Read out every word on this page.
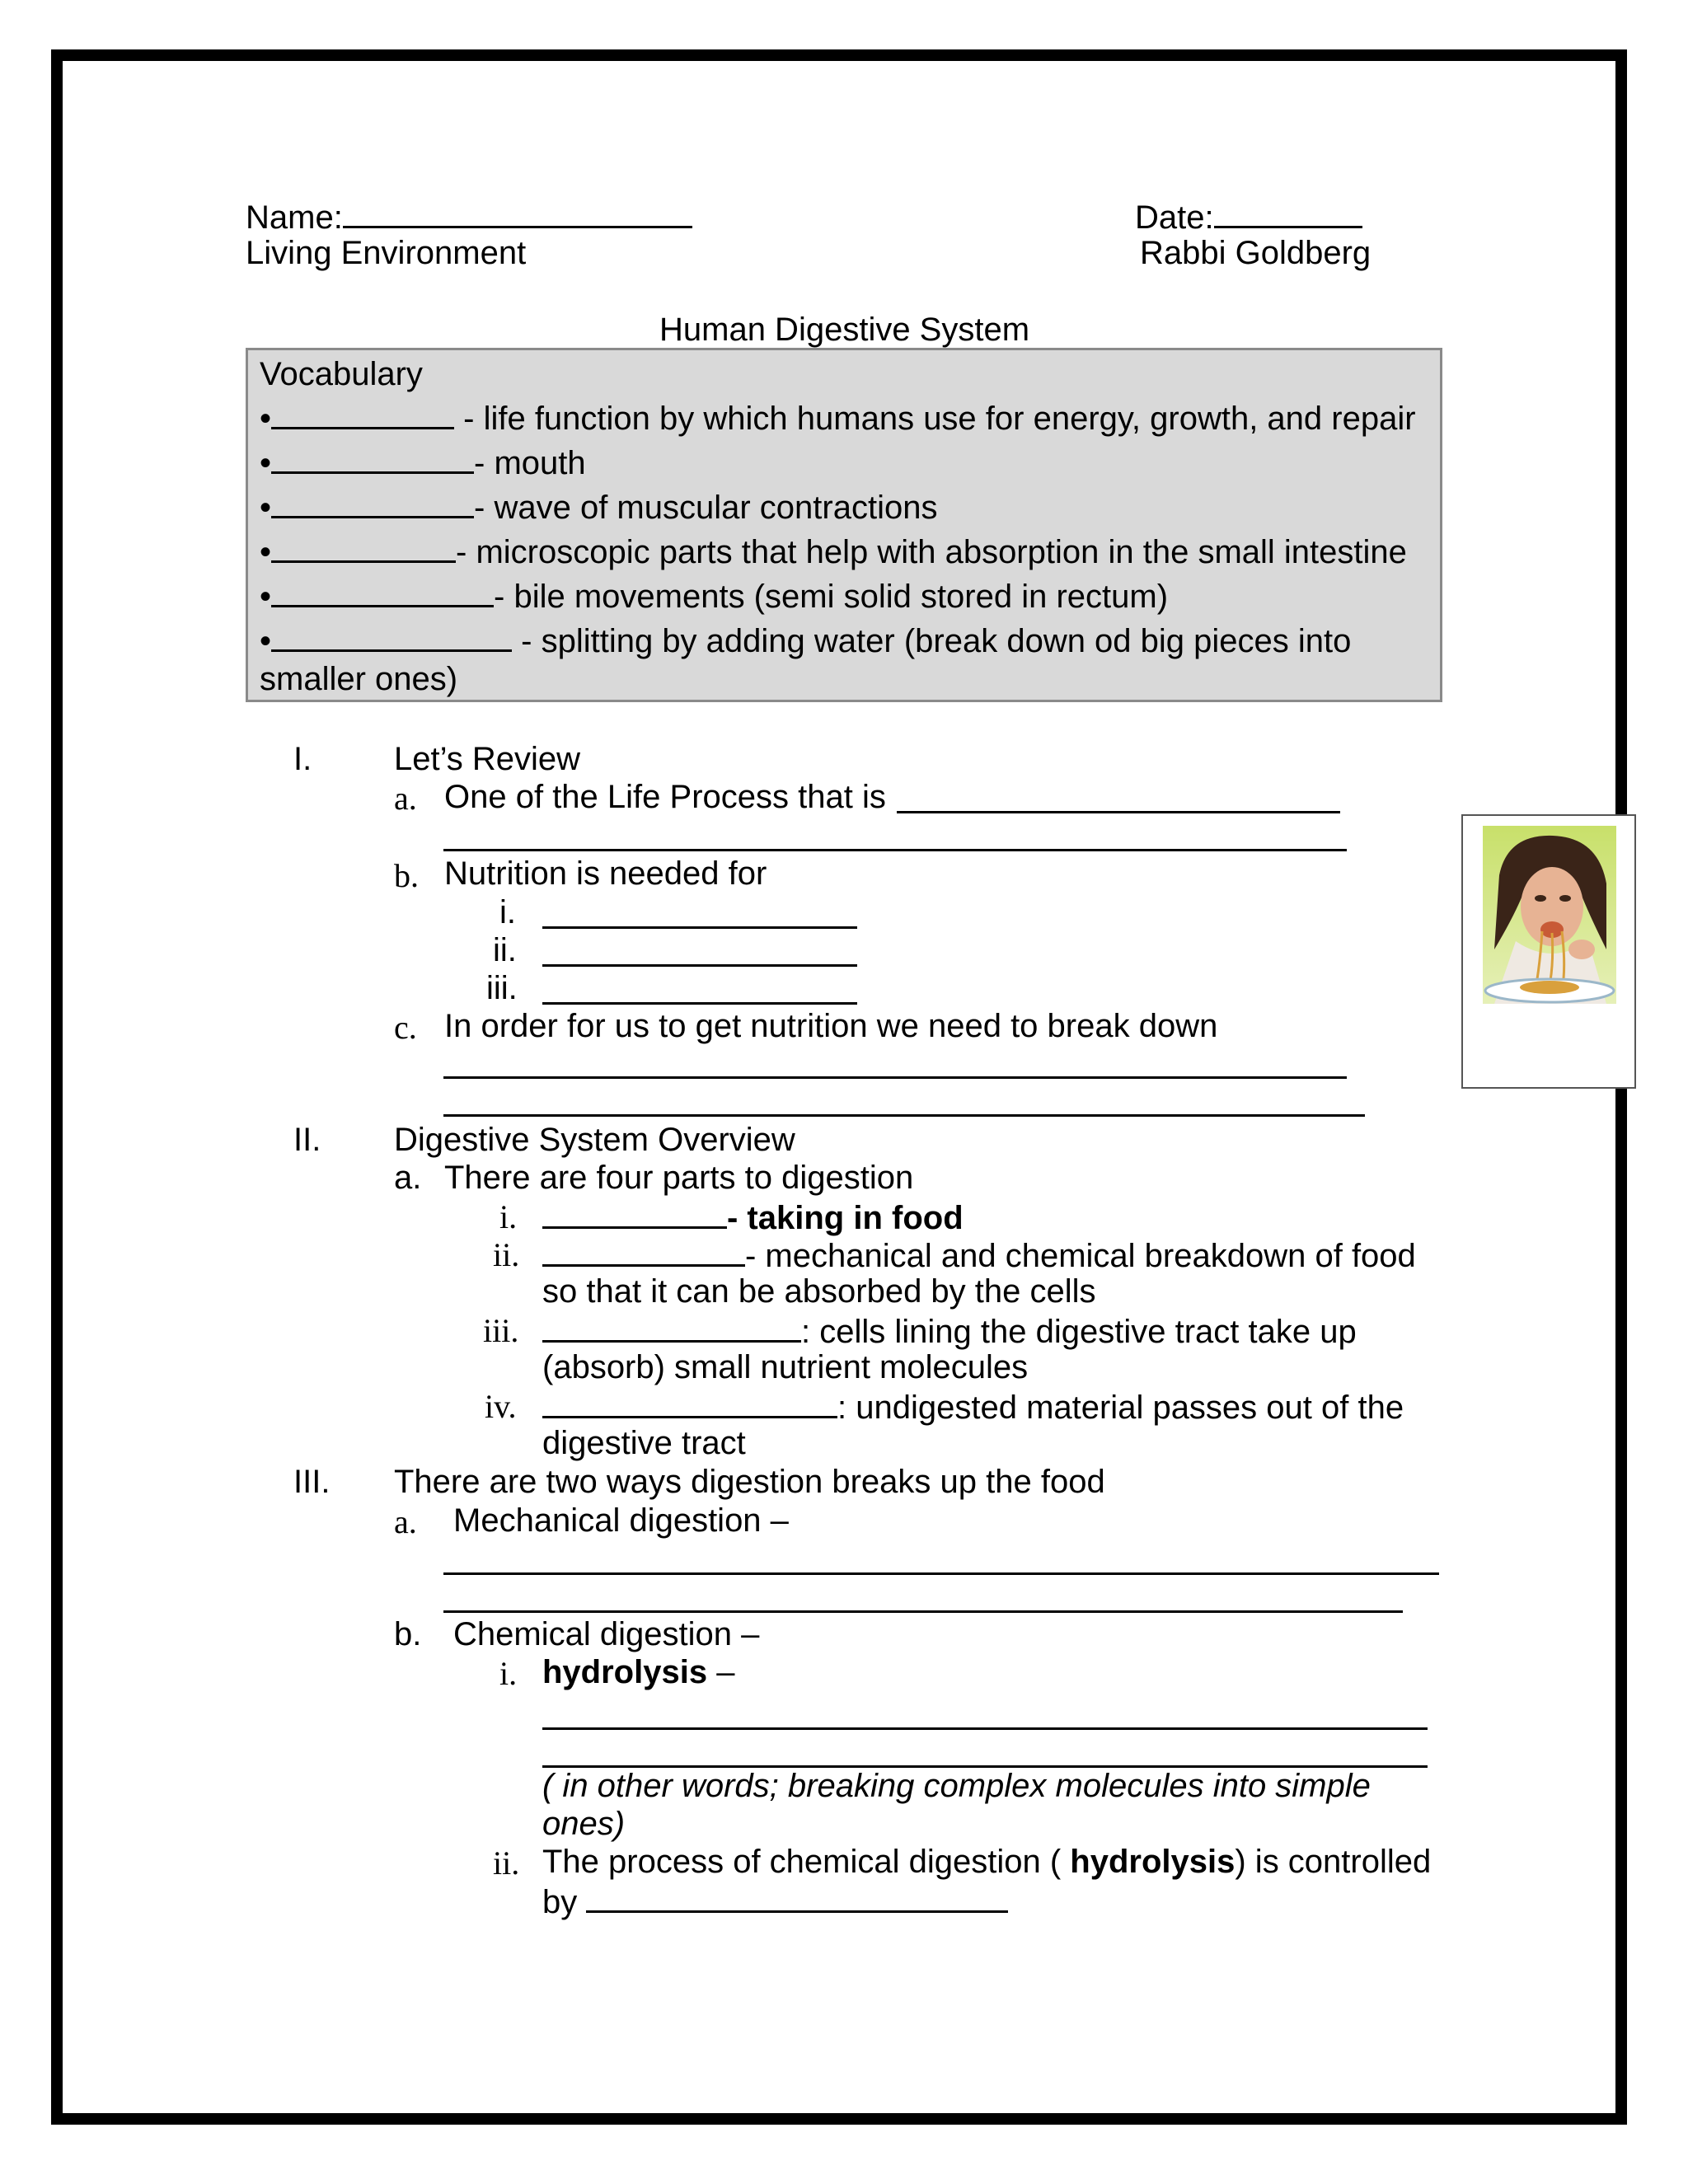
Name:	Date:
Living Environment	Rabbi Goldberg
Human Digestive System
Vocabulary
•	- life function by which humans use for energy, growth, and repair
•	- mouth
•	- wave of muscular contractions
•	- microscopic parts that help with absorption in the small intestine
•	- bile movements (semi solid stored in rectum)
•	- splitting by adding water (break down od big pieces into
smaller ones)
I. Let’s Review
a. One of the Life Process that is
b. Nutrition is needed for
i.
ii.
iii.
c. In order for us to get nutrition we need to break down
II. Digestive System Overview
a. There are four parts to digestion
i.	- taking in food
ii.	- mechanical and chemical breakdown of food
so that it can be absorbed by the cells
iii.	: cells lining the digestive tract take up
(absorb) small nutrient molecules
iv.	: undigested material passes out of the
digestive tract
III. There are two ways digestion breaks up the food
a. Mechanical digestion –
b. Chemical digestion –
i. hydrolysis –
( in other words; breaking complex molecules into simple
ones)
ii. The process of chemical digestion ( hydrolysis) is controlled
by
